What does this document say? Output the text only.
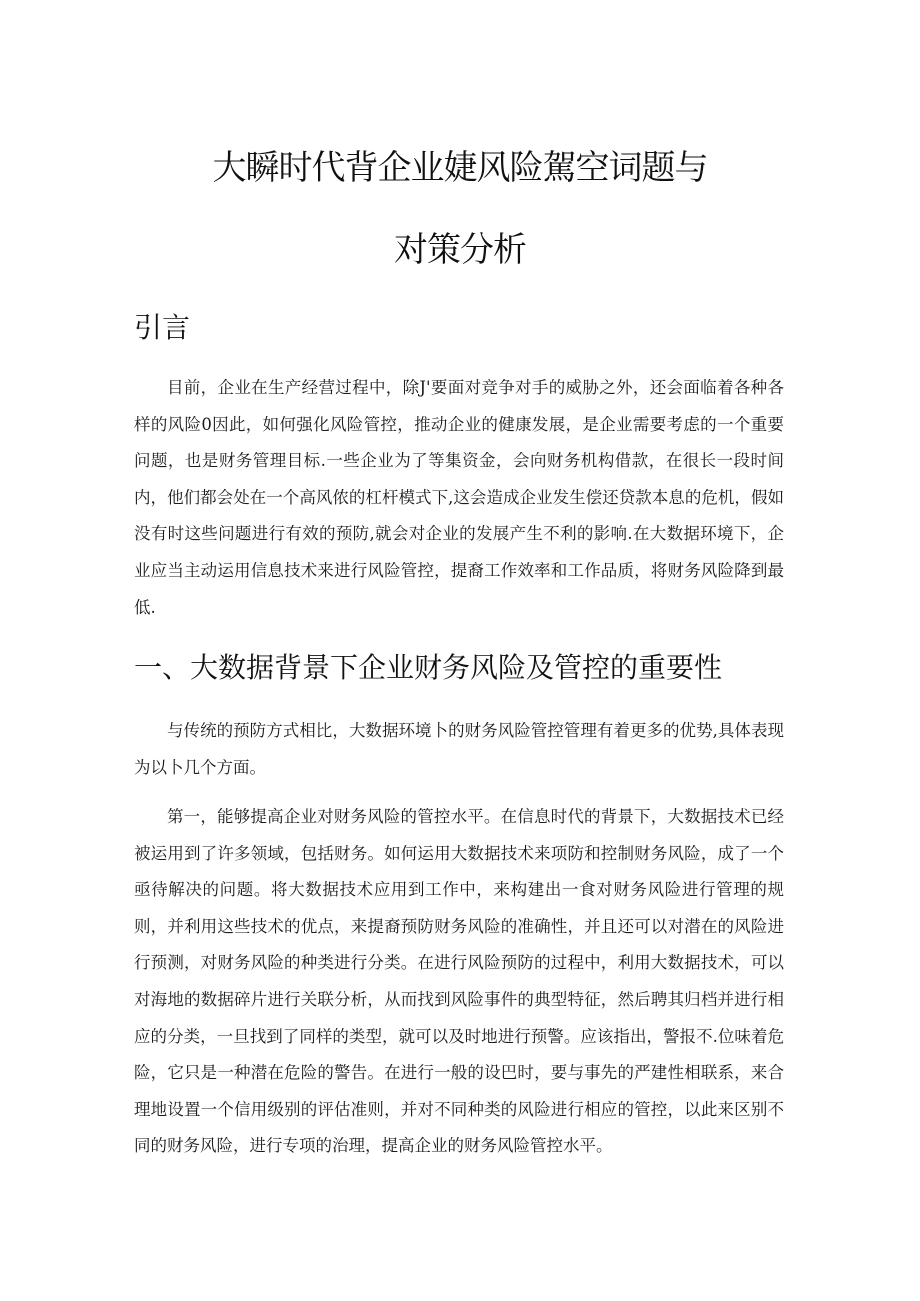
大瞬时代背企业婕风险駕空词题与
对策分析
引言

目前，企业在生产经营过程中，除J'要面对竞争对手的威胁之外，还会面临着各种各样的风险0因此，如何强化风险管控，推动企业的健康发展，是企业需要考虑的一个重要问题，也是财务管理目标.一些企业为了等集资金，会向财务机构借款，在很长一段时间内，他们都会处在一个高风侬的杠杆模式下,这会造成企业发生偿还贷款本息的危机，假如没有时这些问题进行有效的预防,就会对企业的发展产生不利的影响.在大数据环境下，企业应当主动运用信息技术来进行风险管控，提裔工作效率和工作品质，将财务风险降到最低.

一、大数据背景下企业财务风险及管控的重要性

与传统的预防方式相比，大数据环境卜的财务风险管控管理有着更多的优势,具体表现为以卜几个方面。

第一，能够提高企业对财务风险的管控水平。在信息时代的背景下，大数据技术已经被运用到了许多领域，包括财务。如何运用大数据技术来项防和控制财务风险，成了一个亟待解决的问题。将大数据技术应用到工作中，来构建出一食对财务风险进行管理的规则，并利用这些技术的优点，来提裔预防财务风险的准确性，并且还可以对潜在的风险进行预测，对财务风险的种类进行分类。在进行风险预防的过程中，利用大数据技术，可以对海地的数据碎片进行关联分析，从而找到风险事件的典型特征，然后聘其归档并进行相应的分类，一旦找到了同样的类型，就可以及时地进行预警。应该指出，警报不.位味着危险，它只是一种潜在危险的警告。在进行一般的设巴时，要与事先的严建性相联系，来合理地设置一个信用级别的评估准则，并对不同种类的风险进行相应的管控，以此来区别不同的财务风险，进行专项的治理，提高企业的财务风险管控水平。
